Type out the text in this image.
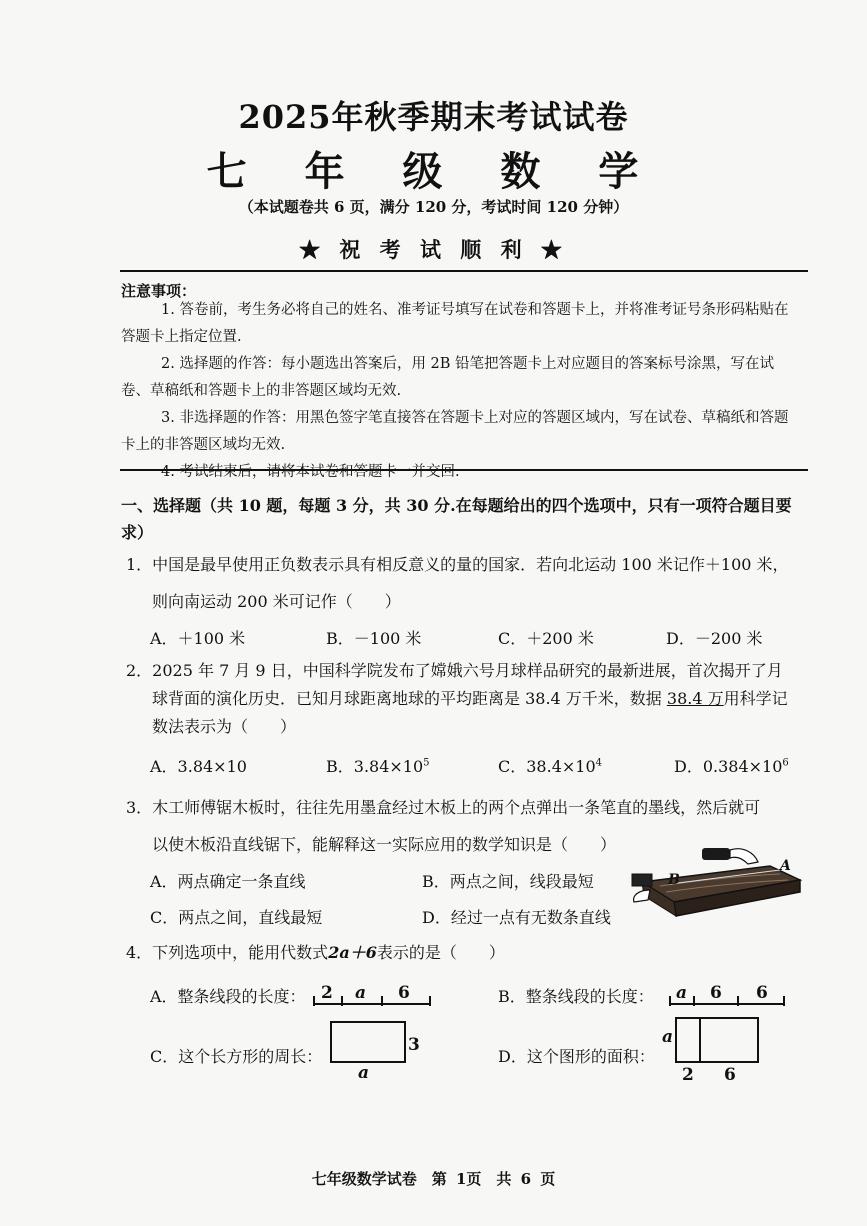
2025年秋季期末考试试卷
七 年 级 数 学
（本试题卷共 6 页，满分 120 分，考试时间 120 分钟）
★ 祝 考 试 顺 利 ★
注意事项：

1. 答卷前，考生务必将自己的姓名、准考证号填写在试卷和答题卡上，并将准考证号条形码粘贴在答题卡上指定位置.

2. 选择题的作答：每小题选出答案后，用 2B 铅笔把答题卡上对应题目的答案标号涂黑，写在试卷、草稿纸和答题卡上的非答题区域均无效.

3. 非选择题的作答：用黑色签字笔直接答在答题卡上对应的答题区域内，写在试卷、草稿纸和答题卡上的非答题区域均无效.

4. 考试结束后，请将本试卷和答题卡一并交回.

一、选择题（共 10 题，每题 3 分，共 30 分.在每题给出的四个选项中，只有一项符合题目要求）
1．中国是最早使用正负数表示具有相反意义的量的国家．若向北运动 100 米记作＋100 米，
则向南运动 200 米可记作（　　）
A．＋100 米	B．－100 米	C．＋200 米	D．－200 米
2．2025 年 7 月 9 日，中国科学院发布了嫦娥六号月球样品研究的最新进展，首次揭开了月
球背面的演化历史．已知月球距离地球的平均距离是 38.4 万千米，数据 38.4 万用科学记
数法表示为（　　）
A．3.84×10	B．$3.84\times 10^5$	C．$38.4\times 10^4$	D．$0.384\times 10^6$
3．木工师傅锯木板时，往往先用墨盒经过木板上的两个点弹出一条笔直的墨线，然后就可
以使木板沿直线锯下，能解释这一实际应用的数学知识是（　　）
A．两点确定一条直线	B．两点之间，线段最短
C．两点之间，直线最短	D．经过一点有无数条直线
B
A
4．下列选项中，能用代数式2a＋6表示的是（　　）
A．整条线段的长度：	B．整条线段的长度：
C．这个长方形的周长：	D．这个图形的面积：
2 a 6	a 6 6
3
a
a
2 6
七年级数学试卷　第 1页　共 6 页
